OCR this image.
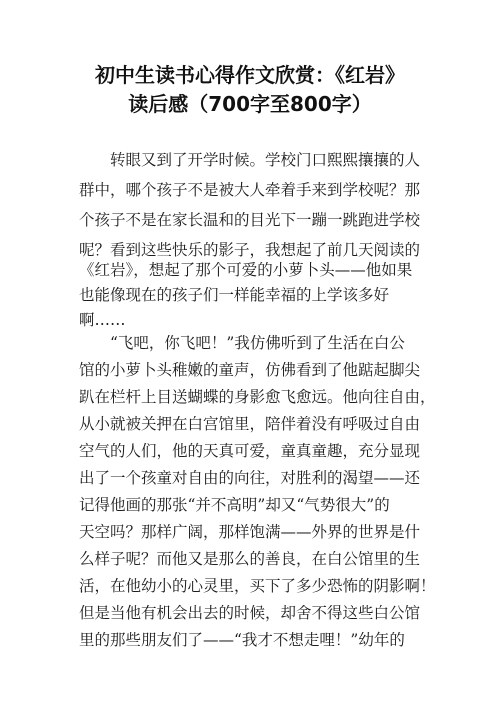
初中生读书心得作文欣赏：《红岩》
读后感（700字至800字）
转眼又到了开学时候。学校门口熙熙攘攘的人
群中，哪个孩子不是被大人牵着手来到学校呢？那
个孩子不是在家长温和的目光下一蹦一跳跑进学校
呢？看到这些快乐的影子，我想起了前几天阅读的
《红岩》，想起了那个可爱的小萝卜头——他如果
也能像现在的孩子们一样能幸福的上学该多好
啊……
“飞吧，你飞吧！”我仿佛听到了生活在白公
馆的小萝卜头稚嫩的童声，仿佛看到了他踮起脚尖
趴在栏杆上目送蝴蝶的身影愈飞愈远。他向往自由，
从小就被关押在白宫馆里，陪伴着没有呼吸过自由
空气的人们，他的天真可爱，童真童趣，充分显现
出了一个孩童对自由的向往，对胜利的渴望——还
记得他画的那张“并不高明”却又“气势很大”的
天空吗？那样广阔，那样饱满——外界的世界是什
么样子呢？而他又是那么的善良，在白公馆里的生
活，在他幼小的心灵里，买下了多少恐怖的阴影啊！
但是当他有机会出去的时候，却舍不得这些白公馆
里的那些朋友们了——“我才不想走哩！”幼年的
